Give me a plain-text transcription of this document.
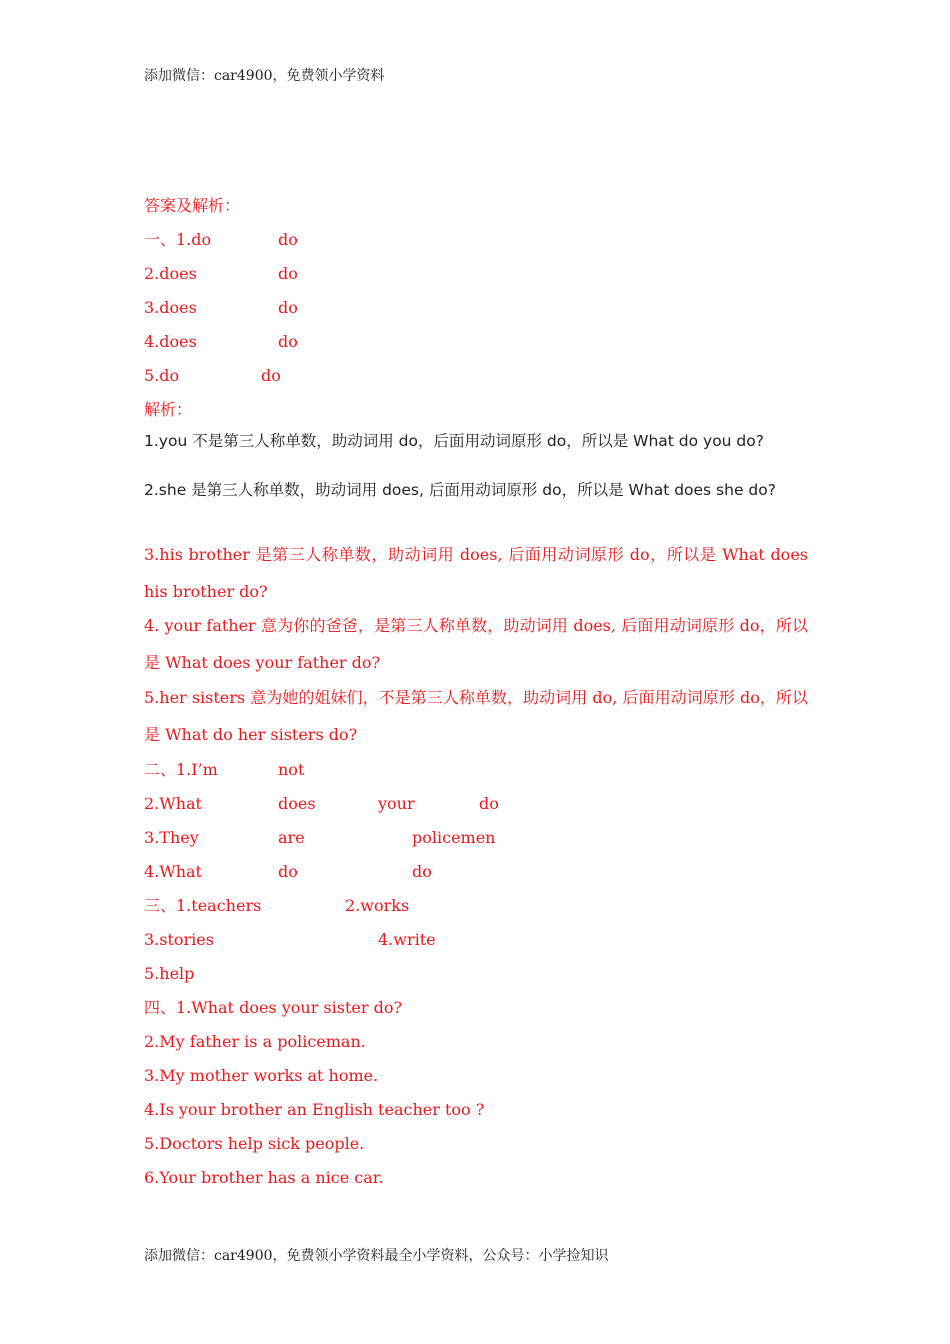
添加微信：car4900，免费领小学资料
答案及解析：
一、1.do	do
2.does	do
3.does	do
4.does	do
5.do	do
解析：
1.you 不是第三人称单数，助动词用 do，后面用动词原形 do，所以是 What do you do?
2.she 是第三人称单数，助动词用 does, 后面用动词原形 do，所以是 What does she do?
3.his brother 是第三人称单数，助动词用 does, 后面用动词原形 do，所以是 What does his brother do?
4. your father 意为你的爸爸，是第三人称单数，助动词用 does, 后面用动词原形 do，所以是 What does your father do?
5.her sisters 意为她的姐妹们，不是第三人称单数，助动词用 do, 后面用动词原形 do，所以是 What do her sisters do?
二、1.I’m	not
2.What	does	your	do
3.They	are	policemen
4.What	do	do
三、1.teachers	2.works
3.stories	4.write
5.help
四、1.What does your sister do?
2.My father is a policeman.
3.My mother works at home.
4.Is your brother an English teacher too ?
5.Doctors help sick people.
6.Your brother has a nice car.
添加微信：car4900，免费领小学资料最全小学资料，公众号：小学捡知识
